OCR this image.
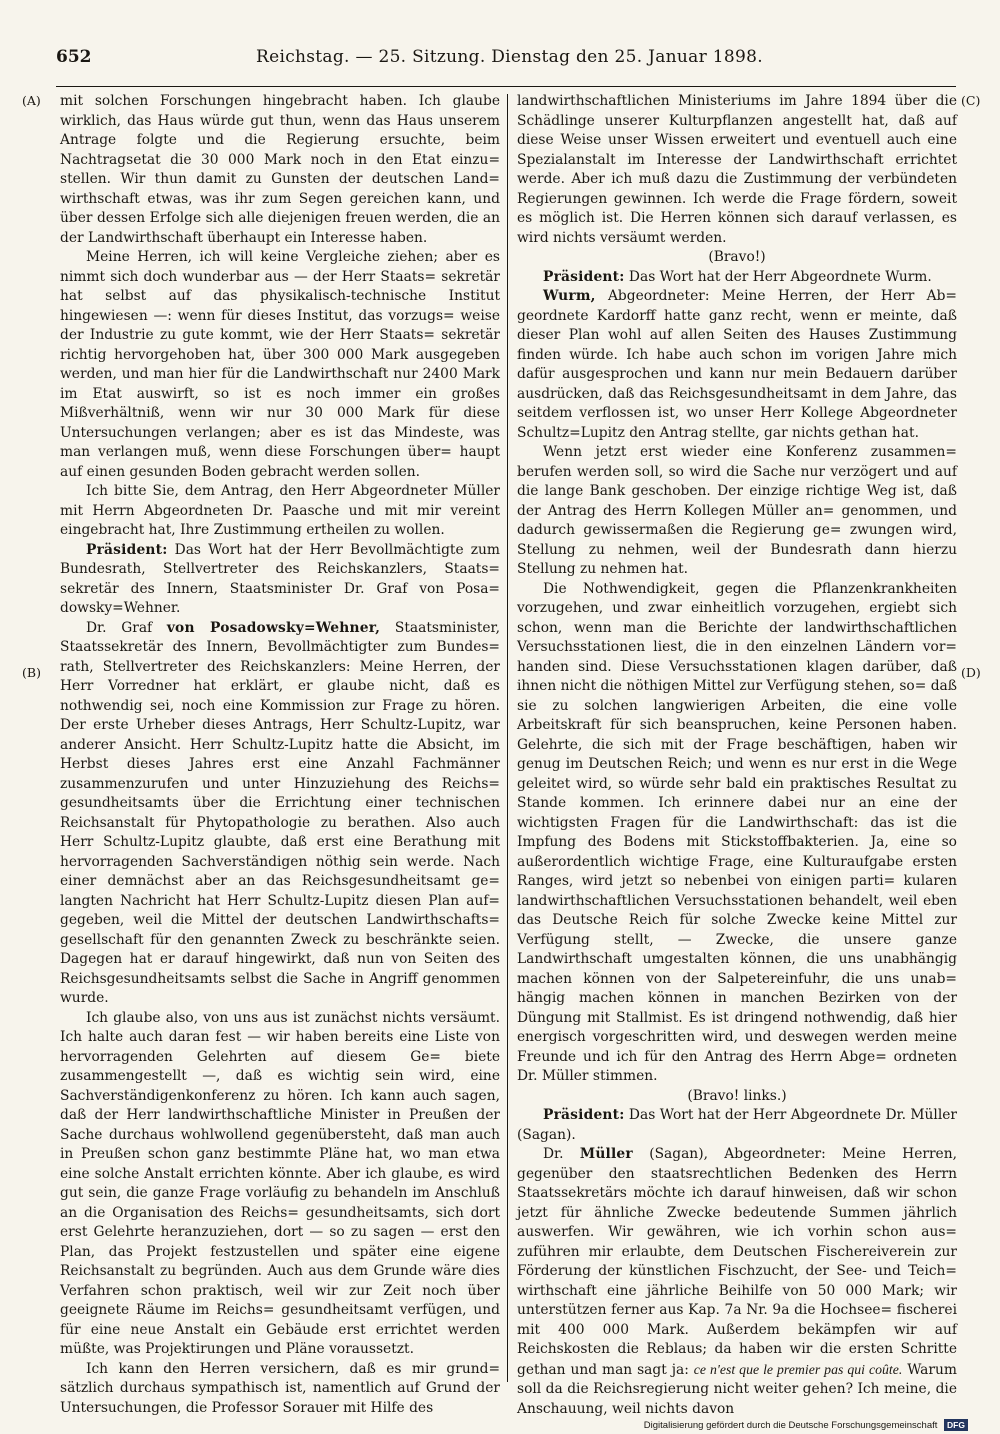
652	Reichstag. — 25. Sitzung. Dienstag den 25. Januar 1898.
(A)
(B)
(C)
(D)

mit solchen Forschungen hingebracht haben. Ich glaube wirklich, das Haus würde gut thun, wenn das Haus unserem Antrage folgte und die Regierung ersuchte, beim Nachtragsetat die 30 000 Mark noch in den Etat einzu= stellen. Wir thun damit zu Gunsten der deutschen Land= wirthschaft etwas, was ihr zum Segen gereichen kann, und über dessen Erfolge sich alle diejenigen freuen werden, die an der Landwirthschaft überhaupt ein Interesse haben.

Meine Herren, ich will keine Vergleiche ziehen; aber es nimmt sich doch wunderbar aus — der Herr Staats= sekretär hat selbst auf das physikalisch-technische Institut hingewiesen —: wenn für dieses Institut, das vorzugs= weise der Industrie zu gute kommt, wie der Herr Staats= sekretär richtig hervorgehoben hat, über 300 000 Mark ausgegeben werden, und man hier für die Landwirthschaft nur 2400 Mark im Etat auswirft, so ist es noch immer ein großes Mißverhältniß, wenn wir nur 30 000 Mark für diese Untersuchungen verlangen; aber es ist das Mindeste, was man verlangen muß, wenn diese Forschungen über= haupt auf einen gesunden Boden gebracht werden sollen.

Ich bitte Sie, dem Antrag, den Herr Abgeordneter Müller mit Herrn Abgeordneten Dr. Paasche und mit mir vereint eingebracht hat, Ihre Zustimmung ertheilen zu wollen.

Präsident: Das Wort hat der Herr Bevollmächtigte zum Bundesrath, Stellvertreter des Reichskanzlers, Staats= sekretär des Innern, Staatsminister Dr. Graf von Posa= dowsky=Wehner.

Dr. Graf von Posadowsky=Wehner, Staatsminister, Staatssekretär des Innern, Bevollmächtigter zum Bundes= rath, Stellvertreter des Reichskanzlers: Meine Herren, der Herr Vorredner hat erklärt, er glaube nicht, daß es nothwendig sei, noch eine Kommission zur Frage zu hören. Der erste Urheber dieses Antrags, Herr Schultz-Lupitz, war anderer Ansicht. Herr Schultz-Lupitz hatte die Absicht, im Herbst dieses Jahres erst eine Anzahl Fachmänner zusammenzurufen und unter Hinzuziehung des Reichs= gesundheitsamts über die Errichtung einer technischen Reichsanstalt für Phytopathologie zu berathen. Also auch Herr Schultz-Lupitz glaubte, daß erst eine Berathung mit hervorragenden Sachverständigen nöthig sein werde. Nach einer demnächst aber an das Reichsgesundheitsamt ge= langten Nachricht hat Herr Schultz-Lupitz diesen Plan auf= gegeben, weil die Mittel der deutschen Landwirthschafts= gesellschaft für den genannten Zweck zu beschränkte seien. Dagegen hat er darauf hingewirkt, daß nun von Seiten des Reichsgesundheitsamts selbst die Sache in Angriff genommen wurde.

Ich glaube also, von uns aus ist zunächst nichts versäumt. Ich halte auch daran fest — wir haben bereits eine Liste von hervorragenden Gelehrten auf diesem Ge= biete zusammengestellt —, daß es wichtig sein wird, eine Sachverständigenkonferenz zu hören. Ich kann auch sagen, daß der Herr landwirthschaftliche Minister in Preußen der Sache durchaus wohlwollend gegenübersteht, daß man auch in Preußen schon ganz bestimmte Pläne hat, wo man etwa eine solche Anstalt errichten könnte. Aber ich glaube, es wird gut sein, die ganze Frage vorläufig zu behandeln im Anschluß an die Organisation des Reichs= gesundheitsamts, sich dort erst Gelehrte heranzuziehen, dort — so zu sagen — erst den Plan, das Projekt festzustellen und später eine eigene Reichsanstalt zu begründen. Auch aus dem Grunde wäre dies Verfahren schon praktisch, weil wir zur Zeit noch über geeignete Räume im Reichs= gesundheitsamt verfügen, und für eine neue Anstalt ein Gebäude erst errichtet werden müßte, was Projektirungen und Pläne voraussetzt.

Ich kann den Herren versichern, daß es mir grund= sätzlich durchaus sympathisch ist, namentlich auf Grund der Untersuchungen, die Professor Sorauer mit Hilfe des

landwirthschaftlichen Ministeriums im Jahre 1894 über die Schädlinge unserer Kulturpflanzen angestellt hat, daß auf diese Weise unser Wissen erweitert und eventuell auch eine Spezialanstalt im Interesse der Landwirthschaft errichtet werde. Aber ich muß dazu die Zustimmung der verbündeten Regierungen gewinnen. Ich werde die Frage fördern, soweit es möglich ist. Die Herren können sich darauf verlassen, es wird nichts versäumt werden.

(Bravo!)

Präsident: Das Wort hat der Herr Abgeordnete Wurm.

Wurm, Abgeordneter: Meine Herren, der Herr Ab= geordnete Kardorff hatte ganz recht, wenn er meinte, daß dieser Plan wohl auf allen Seiten des Hauses Zustimmung finden würde. Ich habe auch schon im vorigen Jahre mich dafür ausgesprochen und kann nur mein Bedauern darüber ausdrücken, daß das Reichsgesundheitsamt in dem Jahre, das seitdem verflossen ist, wo unser Herr Kollege Abgeordneter Schultz=Lupitz den Antrag stellte, gar nichts gethan hat.

Wenn jetzt erst wieder eine Konferenz zusammen= berufen werden soll, so wird die Sache nur verzögert und auf die lange Bank geschoben. Der einzige richtige Weg ist, daß der Antrag des Herrn Kollegen Müller an= genommen, und dadurch gewissermaßen die Regierung ge= zwungen wird, Stellung zu nehmen, weil der Bundesrath dann hierzu Stellung zu nehmen hat.

Die Nothwendigkeit, gegen die Pflanzenkrankheiten vorzugehen, und zwar einheitlich vorzugehen, ergiebt sich schon, wenn man die Berichte der landwirthschaftlichen Versuchsstationen liest, die in den einzelnen Ländern vor= handen sind. Diese Versuchsstationen klagen darüber, daß ihnen nicht die nöthigen Mittel zur Verfügung stehen, so= daß sie zu solchen langwierigen Arbeiten, die eine volle Arbeitskraft für sich beanspruchen, keine Personen haben. Gelehrte, die sich mit der Frage beschäftigen, haben wir genug im Deutschen Reich; und wenn es nur erst in die Wege geleitet wird, so würde sehr bald ein praktisches Resultat zu Stande kommen. Ich erinnere dabei nur an eine der wichtigsten Fragen für die Landwirthschaft: das ist die Impfung des Bodens mit Stickstoffbakterien. Ja, eine so außerordentlich wichtige Frage, eine Kulturaufgabe ersten Ranges, wird jetzt so nebenbei von einigen parti= kularen landwirthschaftlichen Versuchsstationen behandelt, weil eben das Deutsche Reich für solche Zwecke keine Mittel zur Verfügung stellt, — Zwecke, die unsere ganze Landwirthschaft umgestalten können, die uns unabhängig machen können von der Salpetereinfuhr, die uns unab= hängig machen können in manchen Bezirken von der Düngung mit Stallmist. Es ist dringend nothwendig, daß hier energisch vorgeschritten wird, und deswegen werden meine Freunde und ich für den Antrag des Herrn Abge= ordneten Dr. Müller stimmen.

(Bravo! links.)

Präsident: Das Wort hat der Herr Abgeordnete Dr. Müller (Sagan).

Dr. Müller (Sagan), Abgeordneter: Meine Herren, gegenüber den staatsrechtlichen Bedenken des Herrn Staatssekretärs möchte ich darauf hinweisen, daß wir schon jetzt für ähnliche Zwecke bedeutende Summen jährlich auswerfen. Wir gewähren, wie ich vorhin schon aus= zuführen mir erlaubte, dem Deutschen Fischereiverein zur Förderung der künstlichen Fischzucht, der See- und Teich= wirthschaft eine jährliche Beihilfe von 50 000 Mark; wir unterstützen ferner aus Kap. 7a Nr. 9a die Hochsee= fischerei mit 400 000 Mark. Außerdem bekämpfen wir auf Reichskosten die Reblaus; da haben wir die ersten Schritte gethan und man sagt ja: ce n'est que le premier pas qui coûte. Warum soll da die Reichsregierung nicht weiter gehen? Ich meine, die Anschauung, weil nichts davon

Digitalisierung gefördert durch die Deutsche Forschungsgemeinschaft DFG
